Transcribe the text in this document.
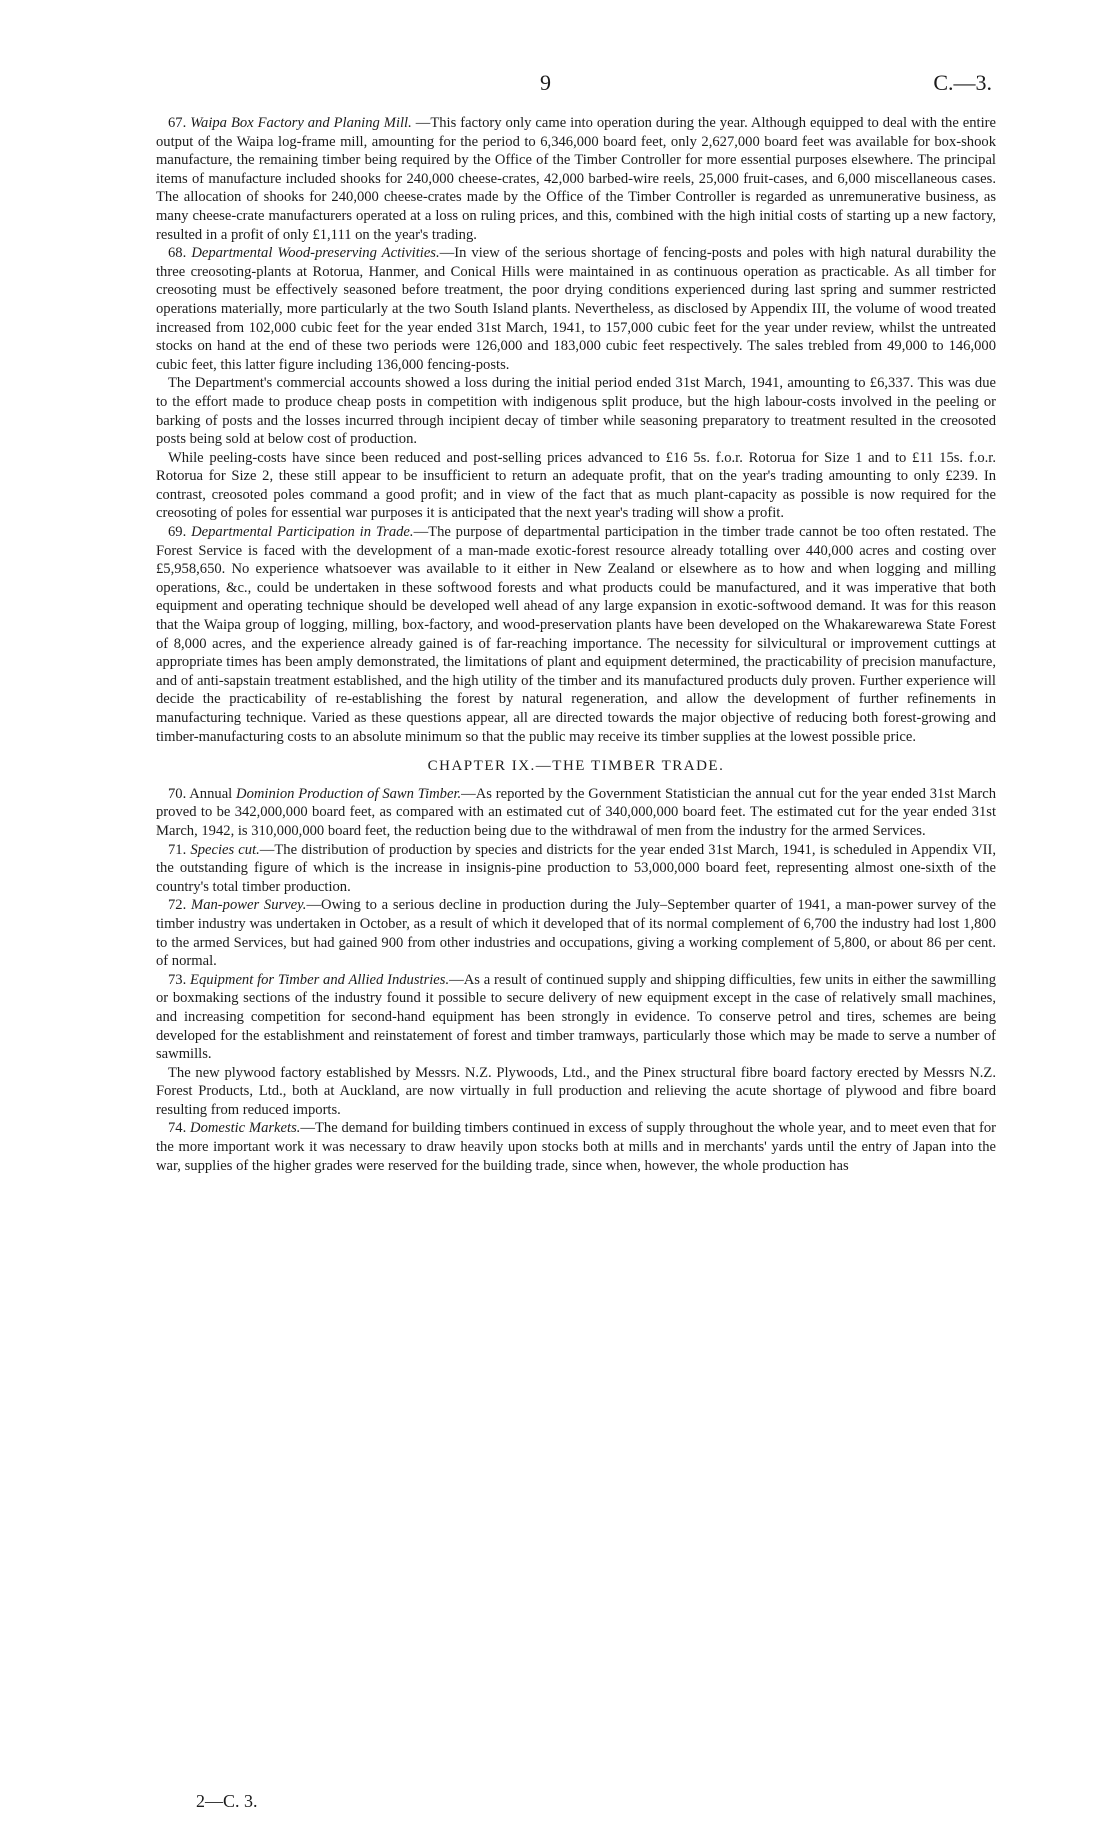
9	C.—3.

67. Waipa Box Factory and Planing Mill. —This factory only came into operation during the year. Although equipped to deal with the entire output of the Waipa log-frame mill, amounting for the period to 6,346,000 board feet, only 2,627,000 board feet was available for box-shook manufacture, the remaining timber being required by the Office of the Timber Controller for more essential purposes elsewhere. The principal items of manufacture included shooks for 240,000 cheese-crates, 42,000 barbed-wire reels, 25,000 fruit-cases, and 6,000 miscellaneous cases. The allocation of shooks for 240,000 cheese-crates made by the Office of the Timber Controller is regarded as unremunerative business, as many cheese-crate manufacturers operated at a loss on ruling prices, and this, combined with the high initial costs of starting up a new factory, resulted in a profit of only £1,111 on the year's trading.

68. Departmental Wood-preserving Activities.—In view of the serious shortage of fencing-posts and poles with high natural durability the three creosoting-plants at Rotorua, Hanmer, and Conical Hills were maintained in as continuous operation as practicable. As all timber for creosoting must be effectively seasoned before treatment, the poor drying conditions experienced during last spring and summer restricted operations materially, more particularly at the two South Island plants. Nevertheless, as disclosed by Appendix III, the volume of wood treated increased from 102,000 cubic feet for the year ended 31st March, 1941, to 157,000 cubic feet for the year under review, whilst the untreated stocks on hand at the end of these two periods were 126,000 and 183,000 cubic feet respectively. The sales trebled from 49,000 to 146,000 cubic feet, this latter figure including 136,000 fencing-posts.

The Department's commercial accounts showed a loss during the initial period ended 31st March, 1941, amounting to £6,337. This was due to the effort made to produce cheap posts in competition with indigenous split produce, but the high labour-costs involved in the peeling or barking of posts and the losses incurred through incipient decay of timber while seasoning preparatory to treatment resulted in the creosoted posts being sold at below cost of production.

While peeling-costs have since been reduced and post-selling prices advanced to £16 5s. f.o.r. Rotorua for Size 1 and to £11 15s. f.o.r. Rotorua for Size 2, these still appear to be insufficient to return an adequate profit, that on the year's trading amounting to only £239. In contrast, creosoted poles command a good profit; and in view of the fact that as much plant-capacity as possible is now required for the creosoting of poles for essential war purposes it is anticipated that the next year's trading will show a profit.

69. Departmental Participation in Trade.—The purpose of departmental participation in the timber trade cannot be too often restated. The Forest Service is faced with the development of a man-made exotic-forest resource already totalling over 440,000 acres and costing over £5,958,650. No experience whatsoever was available to it either in New Zealand or elsewhere as to how and when logging and milling operations, &c., could be undertaken in these softwood forests and what products could be manufactured, and it was imperative that both equipment and operating technique should be developed well ahead of any large expansion in exotic-softwood demand. It was for this reason that the Waipa group of logging, milling, box-factory, and wood-preservation plants have been developed on the Whakarewarewa State Forest of 8,000 acres, and the experience already gained is of far-reaching importance. The necessity for silvicultural or improvement cuttings at appropriate times has been amply demonstrated, the limitations of plant and equipment determined, the practicability of precision manufacture, and of anti-sapstain treatment established, and the high utility of the timber and its manufactured products duly proven. Further experience will decide the practicability of re-establishing the forest by natural regeneration, and allow the development of further refinements in manufacturing technique. Varied as these questions appear, all are directed towards the major objective of reducing both forest-growing and timber-manufacturing costs to an absolute minimum so that the public may receive its timber supplies at the lowest possible price.

CHAPTER IX.—THE TIMBER TRADE.

70. Annual Dominion Production of Sawn Timber.—As reported by the Government Statistician the annual cut for the year ended 31st March proved to be 342,000,000 board feet, as compared with an estimated cut of 340,000,000 board feet. The estimated cut for the year ended 31st March, 1942, is 310,000,000 board feet, the reduction being due to the withdrawal of men from the industry for the armed Services.

71. Species cut.—The distribution of production by species and districts for the year ended 31st March, 1941, is scheduled in Appendix VII, the outstanding figure of which is the increase in insignis-pine production to 53,000,000 board feet, representing almost one-sixth of the country's total timber production.

72. Man-power Survey.—Owing to a serious decline in production during the July–September quarter of 1941, a man-power survey of the timber industry was undertaken in October, as a result of which it developed that of its normal complement of 6,700 the industry had lost 1,800 to the armed Services, but had gained 900 from other industries and occupations, giving a working complement of 5,800, or about 86 per cent. of normal.

73. Equipment for Timber and Allied Industries.—As a result of continued supply and shipping difficulties, few units in either the sawmilling or boxmaking sections of the industry found it possible to secure delivery of new equipment except in the case of relatively small machines, and increasing competition for second-hand equipment has been strongly in evidence. To conserve petrol and tires, schemes are being developed for the establishment and reinstatement of forest and timber tramways, particularly those which may be made to serve a number of sawmills.

The new plywood factory established by Messrs. N.Z. Plywoods, Ltd., and the Pinex structural fibre board factory erected by Messrs N.Z. Forest Products, Ltd., both at Auckland, are now virtually in full production and relieving the acute shortage of plywood and fibre board resulting from reduced imports.

74. Domestic Markets.—The demand for building timbers continued in excess of supply throughout the whole year, and to meet even that for the more important work it was necessary to draw heavily upon stocks both at mills and in merchants' yards until the entry of Japan into the war, supplies of the higher grades were reserved for the building trade, since when, however, the whole production has

2—C. 3.
